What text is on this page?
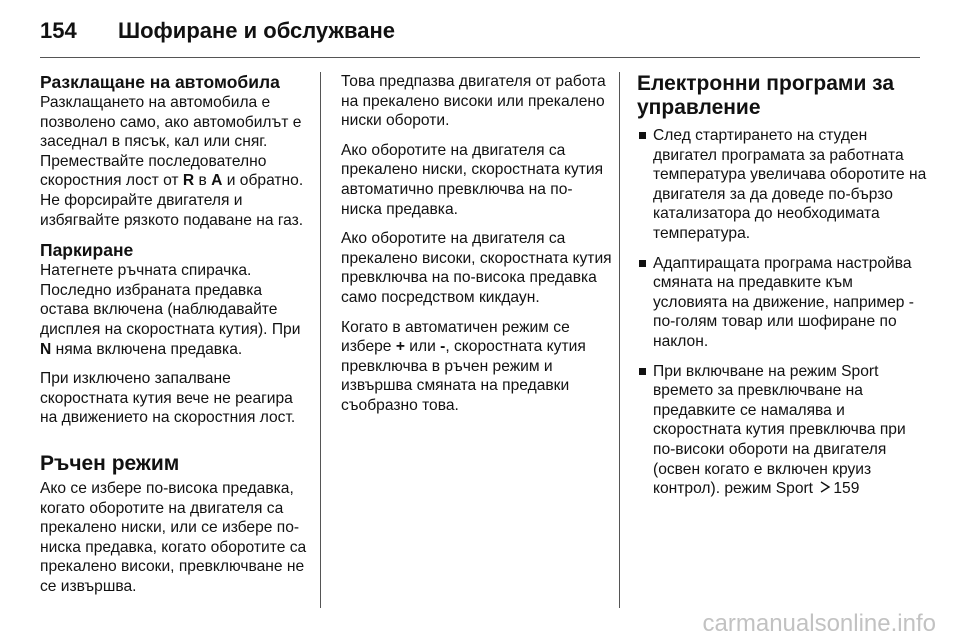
154 Шофиране и обслужване
Разклащане на автомобила

Разклащането на автомобила е позволено само, ако автомобилът е заседнал в пясък, кал или сняг. Премествайте последователно скоростния лост от R в A и обратно. Не форсирайте двигателя и избягвайте рязкото подаване на газ.

Паркиране

Натегнете ръчната спирачка. Последно избраната предавка остава включена (наблюдавайте дисплея на скоростната кутия). При N няма включена предавка.

При изключено запалване скоростната кутия вече не реагира на движението на скоростния лост.

Ръчен режим

Ако се избере по-висока предавка, когато оборотите на двигателя са прекалено ниски, или се избере по-ниска предавка, когато оборотите са прекалено високи, превключване не се извършва.

Това предпазва двигателя от работа на прекалено високи или прекалено ниски обороти.

Ако оборотите на двигателя са прекалено ниски, скоростната кутия автоматично превключва на по-ниска предавка.

Ако оборотите на двигателя са прекалено високи, скоростната кутия превключва на по-висока предавка само посредством кикдаун.

Когато в автоматичен режим се избере + или -, скоростната кутия превключва в ръчен режим и извършва смяната на предавки съобразно това.

Електронни програми за управление
След стартирането на студен двигател програмата за работната температура увеличава оборотите на двигателя за да доведе по-бързо катализатора до необходимата температура.
Адаптиращата програма настройва смяната на предавките към условията на движение, например - по-голям товар или шофиране по наклон.
При включване на режим Sport времето за превключване на предавките се намалява и скоростната кутия превключва при по-високи обороти на двигателя (освен когато е включен круиз контрол). режим Sport 159
carmanualsonline.info
